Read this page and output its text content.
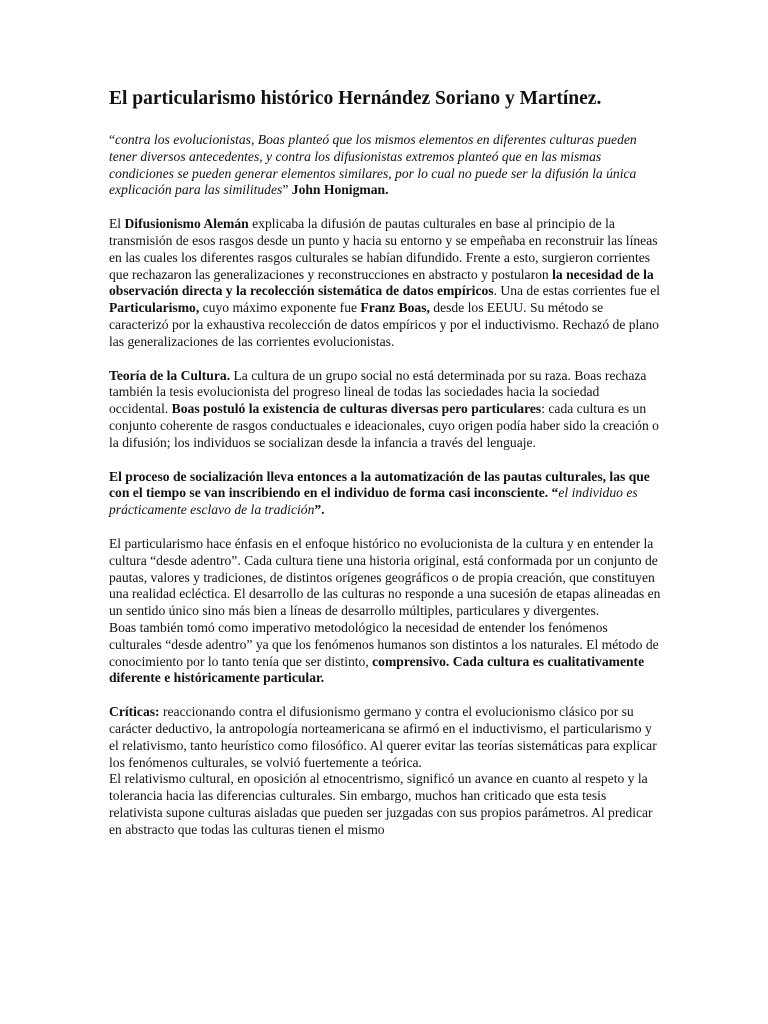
El particularismo histórico Hernández Soriano y Martínez.

“contra los evolucionistas, Boas planteó que los mismos elementos en diferentes culturas pueden tener diversos antecedentes, y contra los difusionistas extremos planteó que en las mismas condiciones se pueden generar elementos similares, por lo cual no puede ser la difusión la única explicación para las similitudes” John Honigman.

El Difusionismo Alemán explicaba la difusión de pautas culturales en base al principio de la transmisión de esos rasgos desde un punto y hacia su entorno y se empeñaba en reconstruir las líneas en las cuales los diferentes rasgos culturales se habían difundido. Frente a esto, surgieron corrientes que rechazaron las generalizaciones y reconstrucciones en abstracto y postularon la necesidad de la observación directa y la recolección sistemática de datos empíricos. Una de estas corrientes fue el Particularismo, cuyo máximo exponente fue Franz Boas, desde los EEUU. Su método se caracterizó por la exhaustiva recolección de datos empíricos y por el inductivismo. Rechazó de plano las generalizaciones de las corrientes evolucionistas.

Teoría de la Cultura. La cultura de un grupo social no está determinada por su raza. Boas rechaza también la tesis evolucionista del progreso lineal de todas las sociedades hacia la sociedad occidental. Boas postuló la existencia de culturas diversas pero particulares: cada cultura es un conjunto coherente de rasgos conductuales e ideacionales, cuyo origen podía haber sido la creación o la difusión; los individuos se socializan desde la infancia a través del lenguaje.

El proceso de socialización lleva entonces a la automatización de las pautas culturales, las que con el tiempo se van inscribiendo en el individuo de forma casi inconsciente. “el individuo es prácticamente esclavo de la tradición”.

El particularismo hace énfasis en el enfoque histórico no evolucionista de la cultura y en entender la cultura “desde adentro”. Cada cultura tiene una historia original, está conformada por un conjunto de pautas, valores y tradiciones, de distintos orígenes geográficos o de propia creación, que constituyen una realidad ecléctica. El desarrollo de las culturas no responde a una sucesión de etapas alineadas en un sentido único sino más bien a líneas de desarrollo múltiples, particulares y divergentes.

Boas también tomó como imperativo metodológico la necesidad de entender los fenómenos culturales “desde adentro” ya que los fenómenos humanos son distintos a los naturales. El método de conocimiento por lo tanto tenía que ser distinto, comprensivo. Cada cultura es cualitativamente diferente e históricamente particular.

Críticas: reaccionando contra el difusionismo germano y contra el evolucionismo clásico por su carácter deductivo, la antropología norteamericana se afirmó en el inductivismo, el particularismo y el relativismo, tanto heurístico como filosófico. Al querer evitar las teorías sistemáticas para explicar los fenómenos culturales, se volvió fuertemente a teórica.

El relativismo cultural, en oposición al etnocentrismo, significó un avance en cuanto al respeto y la tolerancia hacia las diferencias culturales. Sin embargo, muchos han criticado que esta tesis relativista supone culturas aisladas que pueden ser juzgadas con sus propios parámetros. Al predicar en abstracto que todas las culturas tienen el mismo
